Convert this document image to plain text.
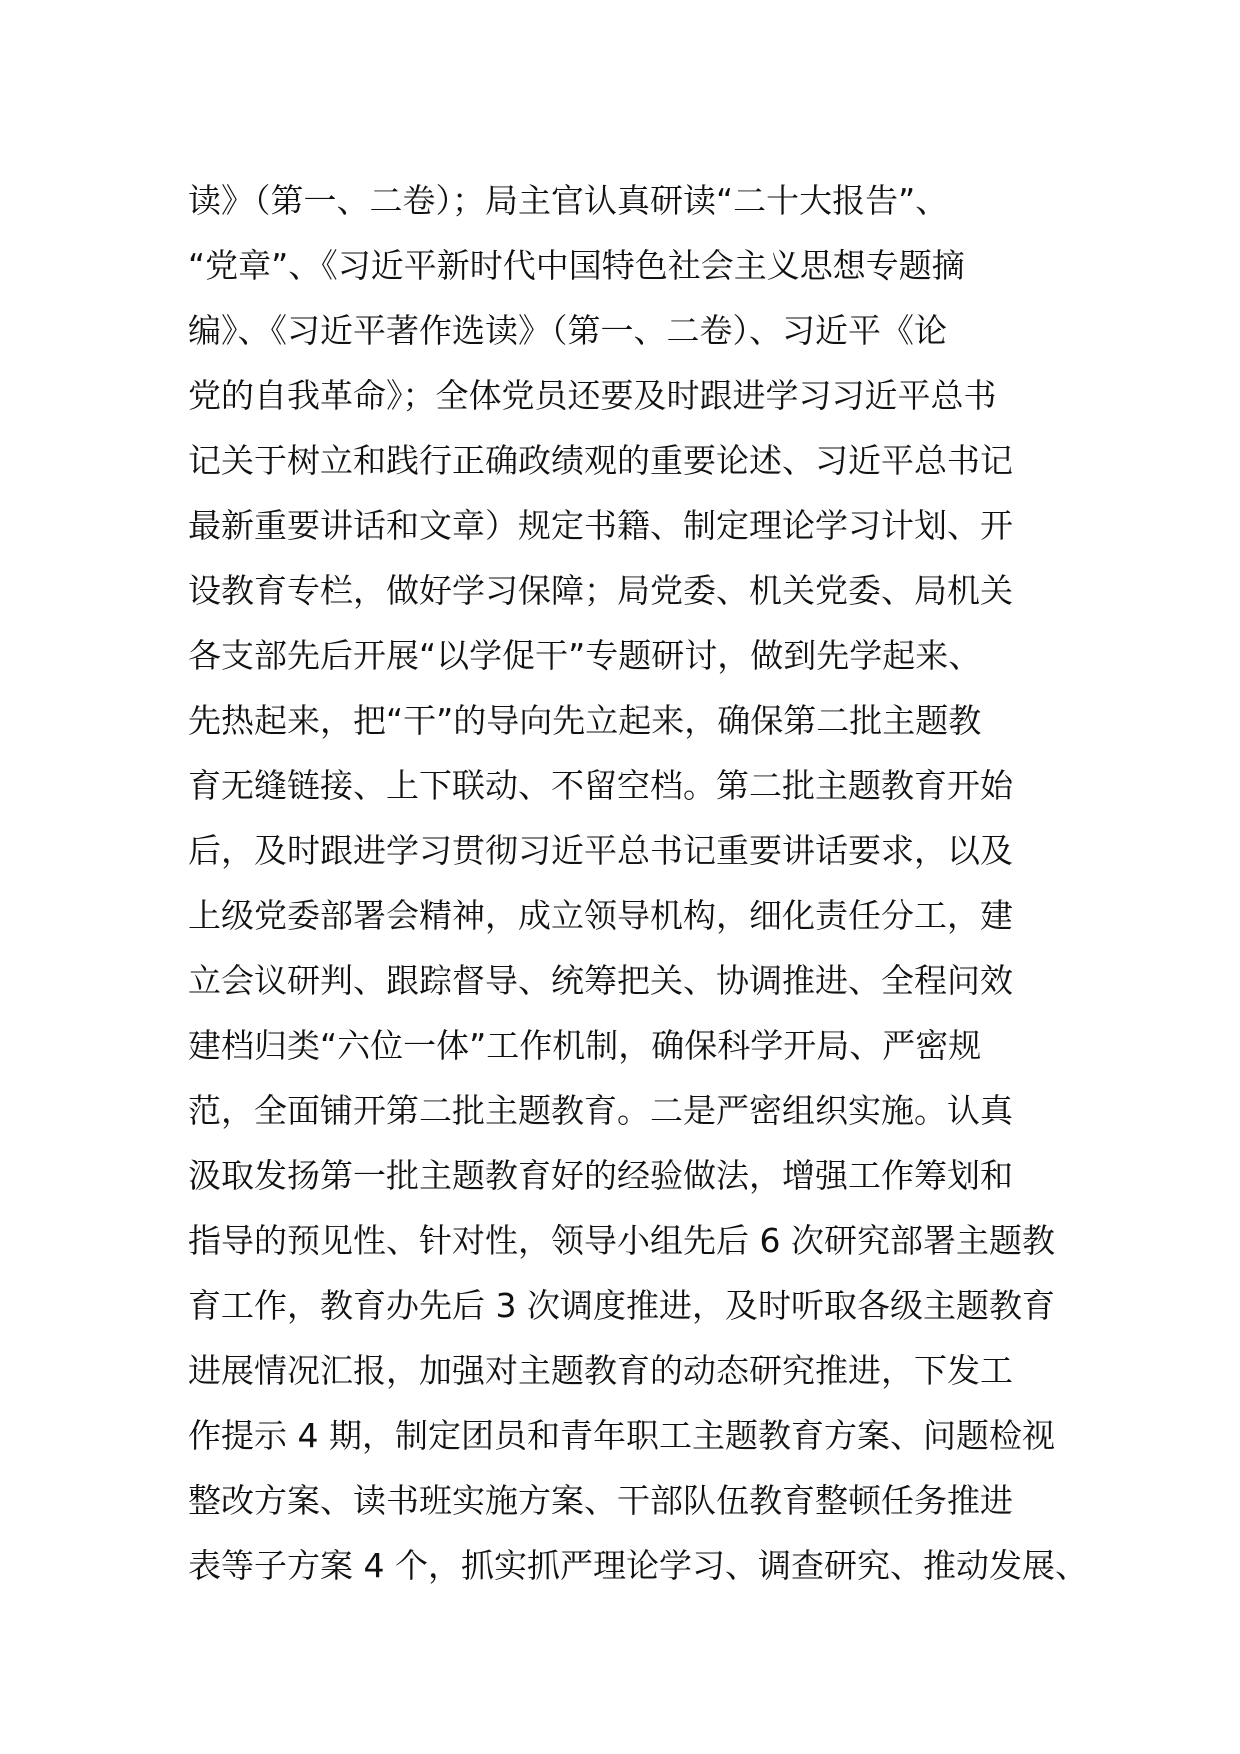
读》（第一、二卷）；局主官认真研读“二十大报告”、
“党章”、《习近平新时代中国特色社会主义思想专题摘
编》、《习近平著作选读》（第一、二卷）、习近平《论
党的自我革命》；全体党员还要及时跟进学习习近平总书
记关于树立和践行正确政绩观的重要论述、习近平总书记
最新重要讲话和文章）规定书籍、制定理论学习计划、开
设教育专栏，做好学习保障；局党委、机关党委、局机关
各支部先后开展“以学促干”专题研讨，做到先学起来、
先热起来，把“干”的导向先立起来，确保第二批主题教
育无缝链接、上下联动、不留空档。第二批主题教育开始
后，及时跟进学习贯彻习近平总书记重要讲话要求，以及
上级党委部署会精神，成立领导机构，细化责任分工，建
立会议研判、跟踪督导、统筹把关、协调推进、全程问效
建档归类“六位一体”工作机制，确保科学开局、严密规
范，全面铺开第二批主题教育。二是严密组织实施。认真
汲取发扬第一批主题教育好的经验做法，增强工作筹划和
指导的预见性、针对性，领导小组先后 6 次研究部署主题教
育工作，教育办先后 3 次调度推进，及时听取各级主题教育
进展情况汇报，加强对主题教育的动态研究推进，下发工
作提示 4 期，制定团员和青年职工主题教育方案、问题检视
整改方案、读书班实施方案、干部队伍教育整顿任务推进
表等子方案 4 个，抓实抓严理论学习、调查研究、推动发展、
